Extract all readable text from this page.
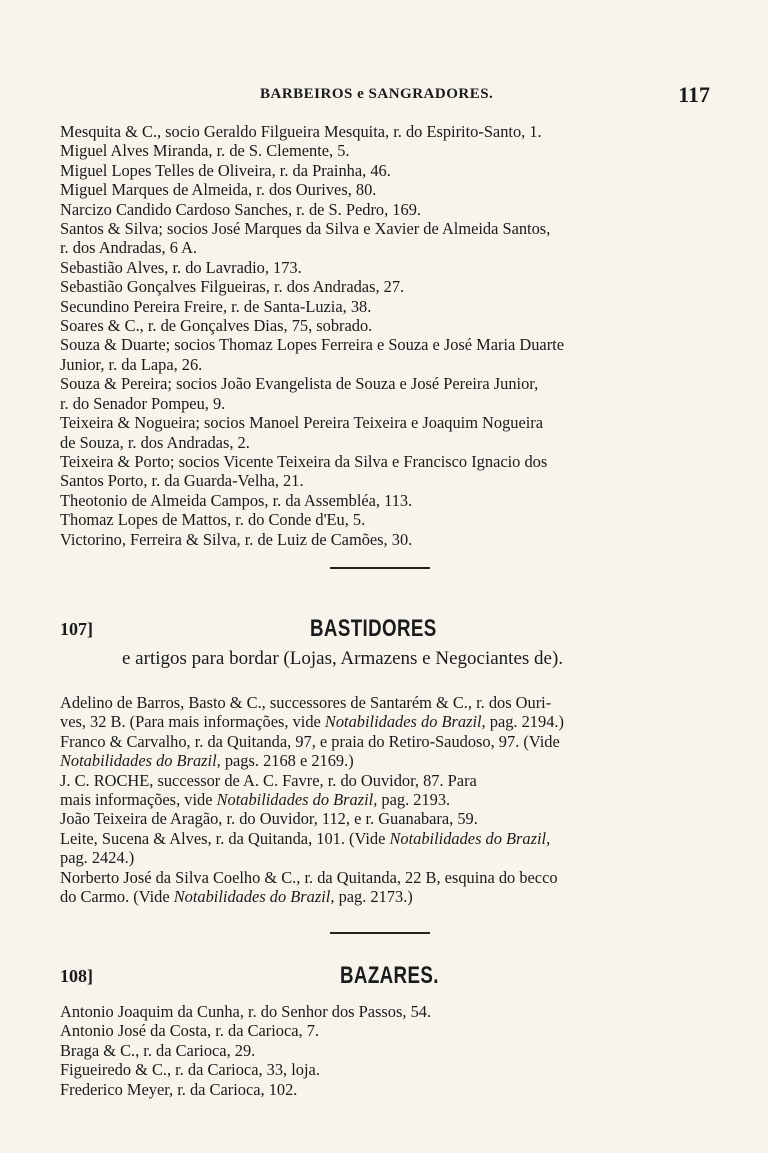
BARBEIROS e SANGRADORES.	117
Mesquita & C., socio Geraldo Filgueira Mesquita, r. do Espirito-Santo, 1.
Miguel Alves Miranda, r. de S. Clemente, 5.
Miguel Lopes Telles de Oliveira, r. da Prainha, 46.
Miguel Marques de Almeida, r. dos Ourives, 80.
Narcizo Candido Cardoso Sanches, r. de S. Pedro, 169.
Santos & Silva; socios José Marques da Silva e Xavier de Almeida Santos,
r. dos Andradas, 6 A.
Sebastião Alves, r. do Lavradio, 173.
Sebastião Gonçalves Filgueiras, r. dos Andradas, 27.
Secundino Pereira Freire, r. de Santa-Luzia, 38.
Soares & C., r. de Gonçalves Dias, 75, sobrado.
Souza & Duarte; socios Thomaz Lopes Ferreira e Souza e José Maria Duarte
Junior, r. da Lapa, 26.
Souza & Pereira; socios João Evangelista de Souza e José Pereira Junior,
r. do Senador Pompeu, 9.
Teixeira & Nogueira; socios Manoel Pereira Teixeira e Joaquim Nogueira
de Souza, r. dos Andradas, 2.
Teixeira & Porto; socios Vicente Teixeira da Silva e Francisco Ignacio dos
Santos Porto, r. da Guarda-Velha, 21.
Theotonio de Almeida Campos, r. da Assembléa, 113.
Thomaz Lopes de Mattos, r. do Conde d'Eu, 5.
Victorino, Ferreira & Silva, r. de Luiz de Camões, 30.
107]	BASTIDORES
e artigos para bordar (Lojas, Armazens e Negociantes de).
Adelino de Barros, Basto & C., successores de Santarém & C., r. dos Ouri-
ves, 32 B. (Para mais informações, vide Notabilidades do Brazil, pag. 2194.)
Franco & Carvalho, r. da Quitanda, 97, e praia do Retiro-Saudoso, 97. (Vide
Notabilidades do Brazil, pags. 2168 e 2169.)
J. C. ROCHE, successor de A. C. Favre, r. do Ouvidor, 87. Para
mais informações, vide Notabilidades do Brazil, pag. 2193.
João Teixeira de Aragão, r. do Ouvidor, 112, e r. Guanabara, 59.
Leite, Sucena & Alves, r. da Quitanda, 101. (Vide Notabilidades do Brazil,
pag. 2424.)
Norberto José da Silva Coelho & C., r. da Quitanda, 22 B, esquina do becco
do Carmo. (Vide Notabilidades do Brazil, pag. 2173.)
108]	BAZARES.
Antonio Joaquim da Cunha, r. do Senhor dos Passos, 54.
Antonio José da Costa, r. da Carioca, 7.
Braga & C., r. da Carioca, 29.
Figueiredo & C., r. da Carioca, 33, loja.
Frederico Meyer, r. da Carioca, 102.
